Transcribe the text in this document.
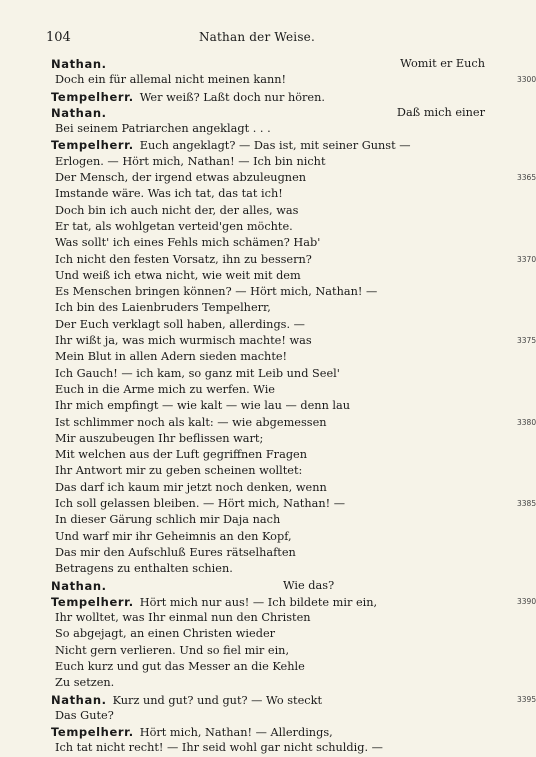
104	Nathan der Weise.
Nathan.	Womit er Euch
Doch ein für allemal nicht meinen kann!	3300
Tempelherr. Wer weiß? Laßt doch nur hören.
Nathan.	Daß mich einer
Bei seinem Patriarchen angeklagt . . .
Tempelherr. Euch angeklagt? — Das ist, mit seiner Gunst —
Erlogen. — Hört mich, Nathan! — Ich bin nicht
Der Mensch, der irgend etwas abzuleugnen	3365
Imstande wäre. Was ich tat, das tat ich!
Doch bin ich auch nicht der, der alles, was
Er tat, als wohlgetan verteid'gen möchte.
Was sollt' ich eines Fehls mich schämen? Hab'
Ich nicht den festen Vorsatz, ihn zu bessern?	3370
Und weiß ich etwa nicht, wie weit mit dem
Es Menschen bringen können? — Hört mich, Nathan! —
Ich bin des Laienbruders Tempelherr,
Der Euch verklagt soll haben, allerdings. —
Ihr wißt ja, was mich wurmisch machte! was	3375
Mein Blut in allen Adern sieden machte!
Ich Gauch! — ich kam, so ganz mit Leib und Seel'
Euch in die Arme mich zu werfen. Wie
Ihr mich empfingt — wie kalt — wie lau — denn lau
Ist schlimmer noch als kalt: — wie abgemessen	3380
Mir auszubeugen Ihr beflissen wart;
Mit welchen aus der Luft gegriffnen Fragen
Ihr Antwort mir zu geben scheinen wolltet:
Das darf ich kaum mir jetzt noch denken, wenn
Ich soll gelassen bleiben. — Hört mich, Nathan! —	3385
In dieser Gärung schlich mir Daja nach
Und warf mir ihr Geheimnis an den Kopf,
Das mir den Aufschluß Eures rätselhaften
Betragens zu enthalten schien.
Nathan.	Wie das?
Tempelherr. Hört mich nur aus! — Ich bildete mir ein,	3390
Ihr wolltet, was Ihr einmal nun den Christen
So abgejagt, an einen Christen wieder
Nicht gern verlieren. Und so fiel mir ein,
Euch kurz und gut das Messer an die Kehle
Zu setzen.
Nathan. Kurz und gut? und gut? — Wo steckt	3395
Das Gute?
Tempelherr. Hört mich, Nathan! — Allerdings,
Ich tat nicht recht! — Ihr seid wohl gar nicht schuldig. —
